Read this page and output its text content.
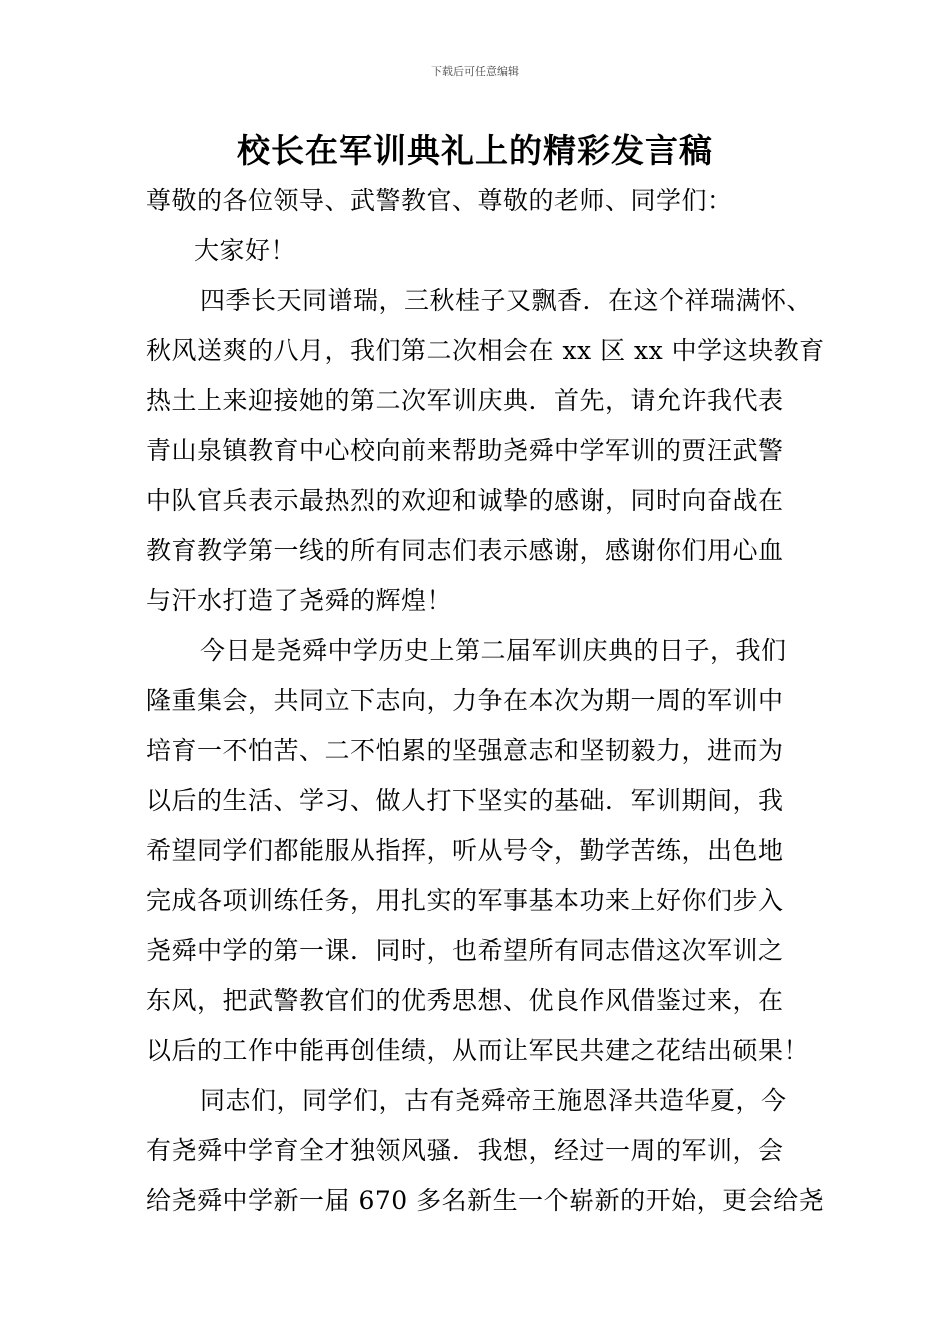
下载后可任意编辑
校长在军训典礼上的精彩发言稿
尊敬的各位领导、武警教官、尊敬的老师、同学们：
大家好！
四季长天同谱瑞，三秋桂子又飘香．在这个祥瑞满怀、
秋风送爽的八月，我们第二次相会在 xx 区 xx 中学这块教育
热土上来迎接她的第二次军训庆典．首先，请允许我代表
青山泉镇教育中心校向前来帮助尧舜中学军训的贾汪武警
中队官兵表示最热烈的欢迎和诚挚的感谢，同时向奋战在
教育教学第一线的所有同志们表示感谢，感谢你们用心血
与汗水打造了尧舜的辉煌！
今日是尧舜中学历史上第二届军训庆典的日子，我们
隆重集会，共同立下志向，力争在本次为期一周的军训中
培育一不怕苦、二不怕累的坚强意志和坚韧毅力，进而为
以后的生活、学习、做人打下坚实的基础．军训期间，我
希望同学们都能服从指挥，听从号令，勤学苦练，出色地
完成各项训练任务，用扎实的军事基本功来上好你们步入
尧舜中学的第一课．同时，也希望所有同志借这次军训之
东风，把武警教官们的优秀思想、优良作风借鉴过来，在
以后的工作中能再创佳绩，从而让军民共建之花结出硕果！
同志们，同学们，古有尧舜帝王施恩泽共造华夏，今
有尧舜中学育全才独领风骚．我想，经过一周的军训，会
给尧舜中学新一届 670 多名新生一个崭新的开始，更会给尧
